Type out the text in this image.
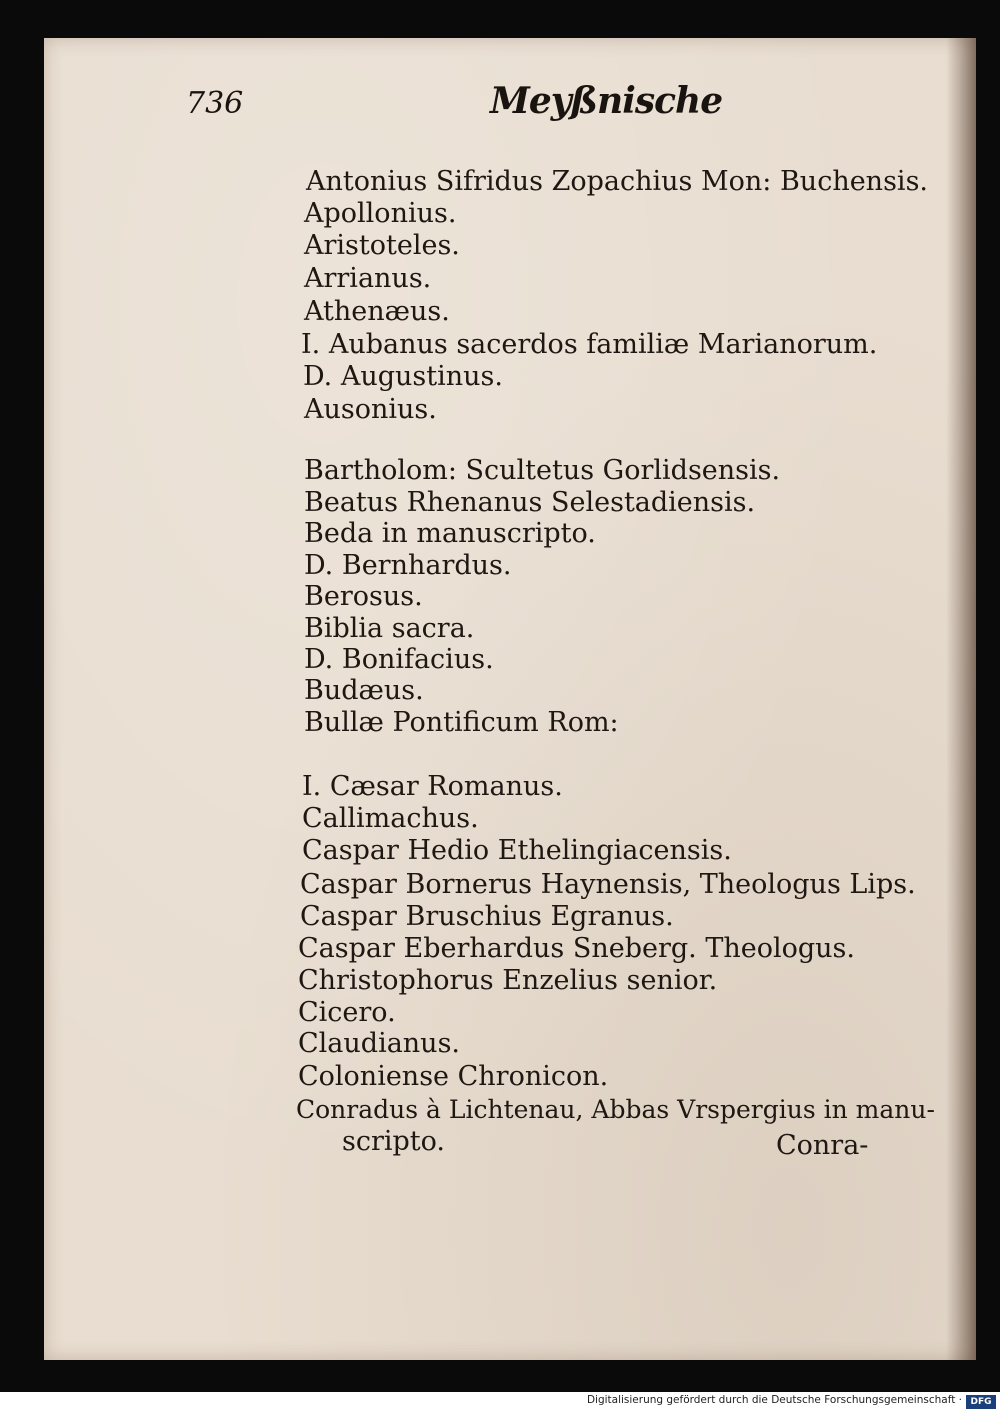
736	Meyßnische
Antonius Sifridus Zopachius Mon: Buchensis.
Apollonius.
Aristoteles.
Arrianus.
Athenæus.
I. Aubanus sacerdos familiæ Marianorum.
D. Augustinus.
Ausonius.
Bartholom: Scultetus Gorlidsensis.
Beatus Rhenanus Selestadiensis.
Beda in manuscripto.
D. Bernhardus.
Berosus.
Biblia sacra.
D. Bonifacius.
Budæus.
Bullæ Pontificum Rom:
I. Cæsar Romanus.
Callimachus.
Caspar Hedio Ethelingiacensis.
Caspar Bornerus Haynensis, Theologus Lips.
Caspar Bruschius Egranus.
Caspar Eberhardus Sneberg. Theologus.
Christophorus Enzelius senior.
Cicero.
Claudianus.
Coloniense Chronicon.
Conradus à Lichtenau, Abbas Vrspergius in manu-
scripto.	Conra-
Digitalisierung gefördert durch die Deutsche Forschungsgemeinschaft · DFG
